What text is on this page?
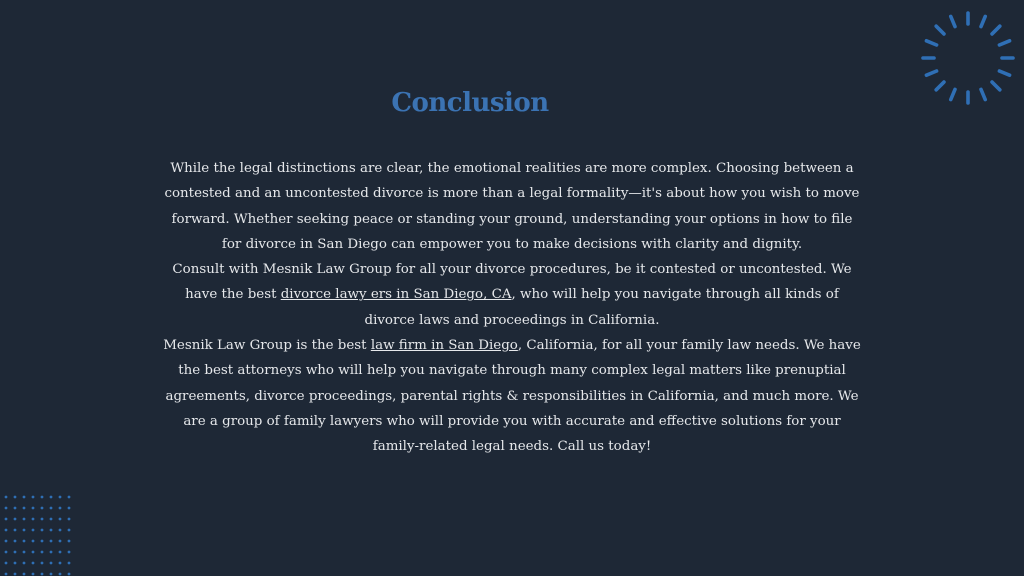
Conclusion

While the legal distinctions are clear, the emotional realities are more complex. Choosing between a contested and an uncontested divorce is more than a legal formality—it's about how you wish to move forward. Whether seeking peace or standing your ground, understanding your options in how to file for divorce in San Diego can empower you to make decisions with clarity and dignity.

Consult with Mesnik Law Group for all your divorce procedures, be it contested or uncontested. We have the best divorce lawy ers in San Diego, CA, who will help you navigate through all kinds of divorce laws and proceedings in California.

Mesnik Law Group is the best law firm in San Diego, California, for all your family law needs. We have the best attorneys who will help you navigate through many complex legal matters like prenuptial agreements, divorce proceedings, parental rights & responsibilities in California, and much more. We are a group of family lawyers who will provide you with accurate and effective solutions for your family-related legal needs. Call us today!
